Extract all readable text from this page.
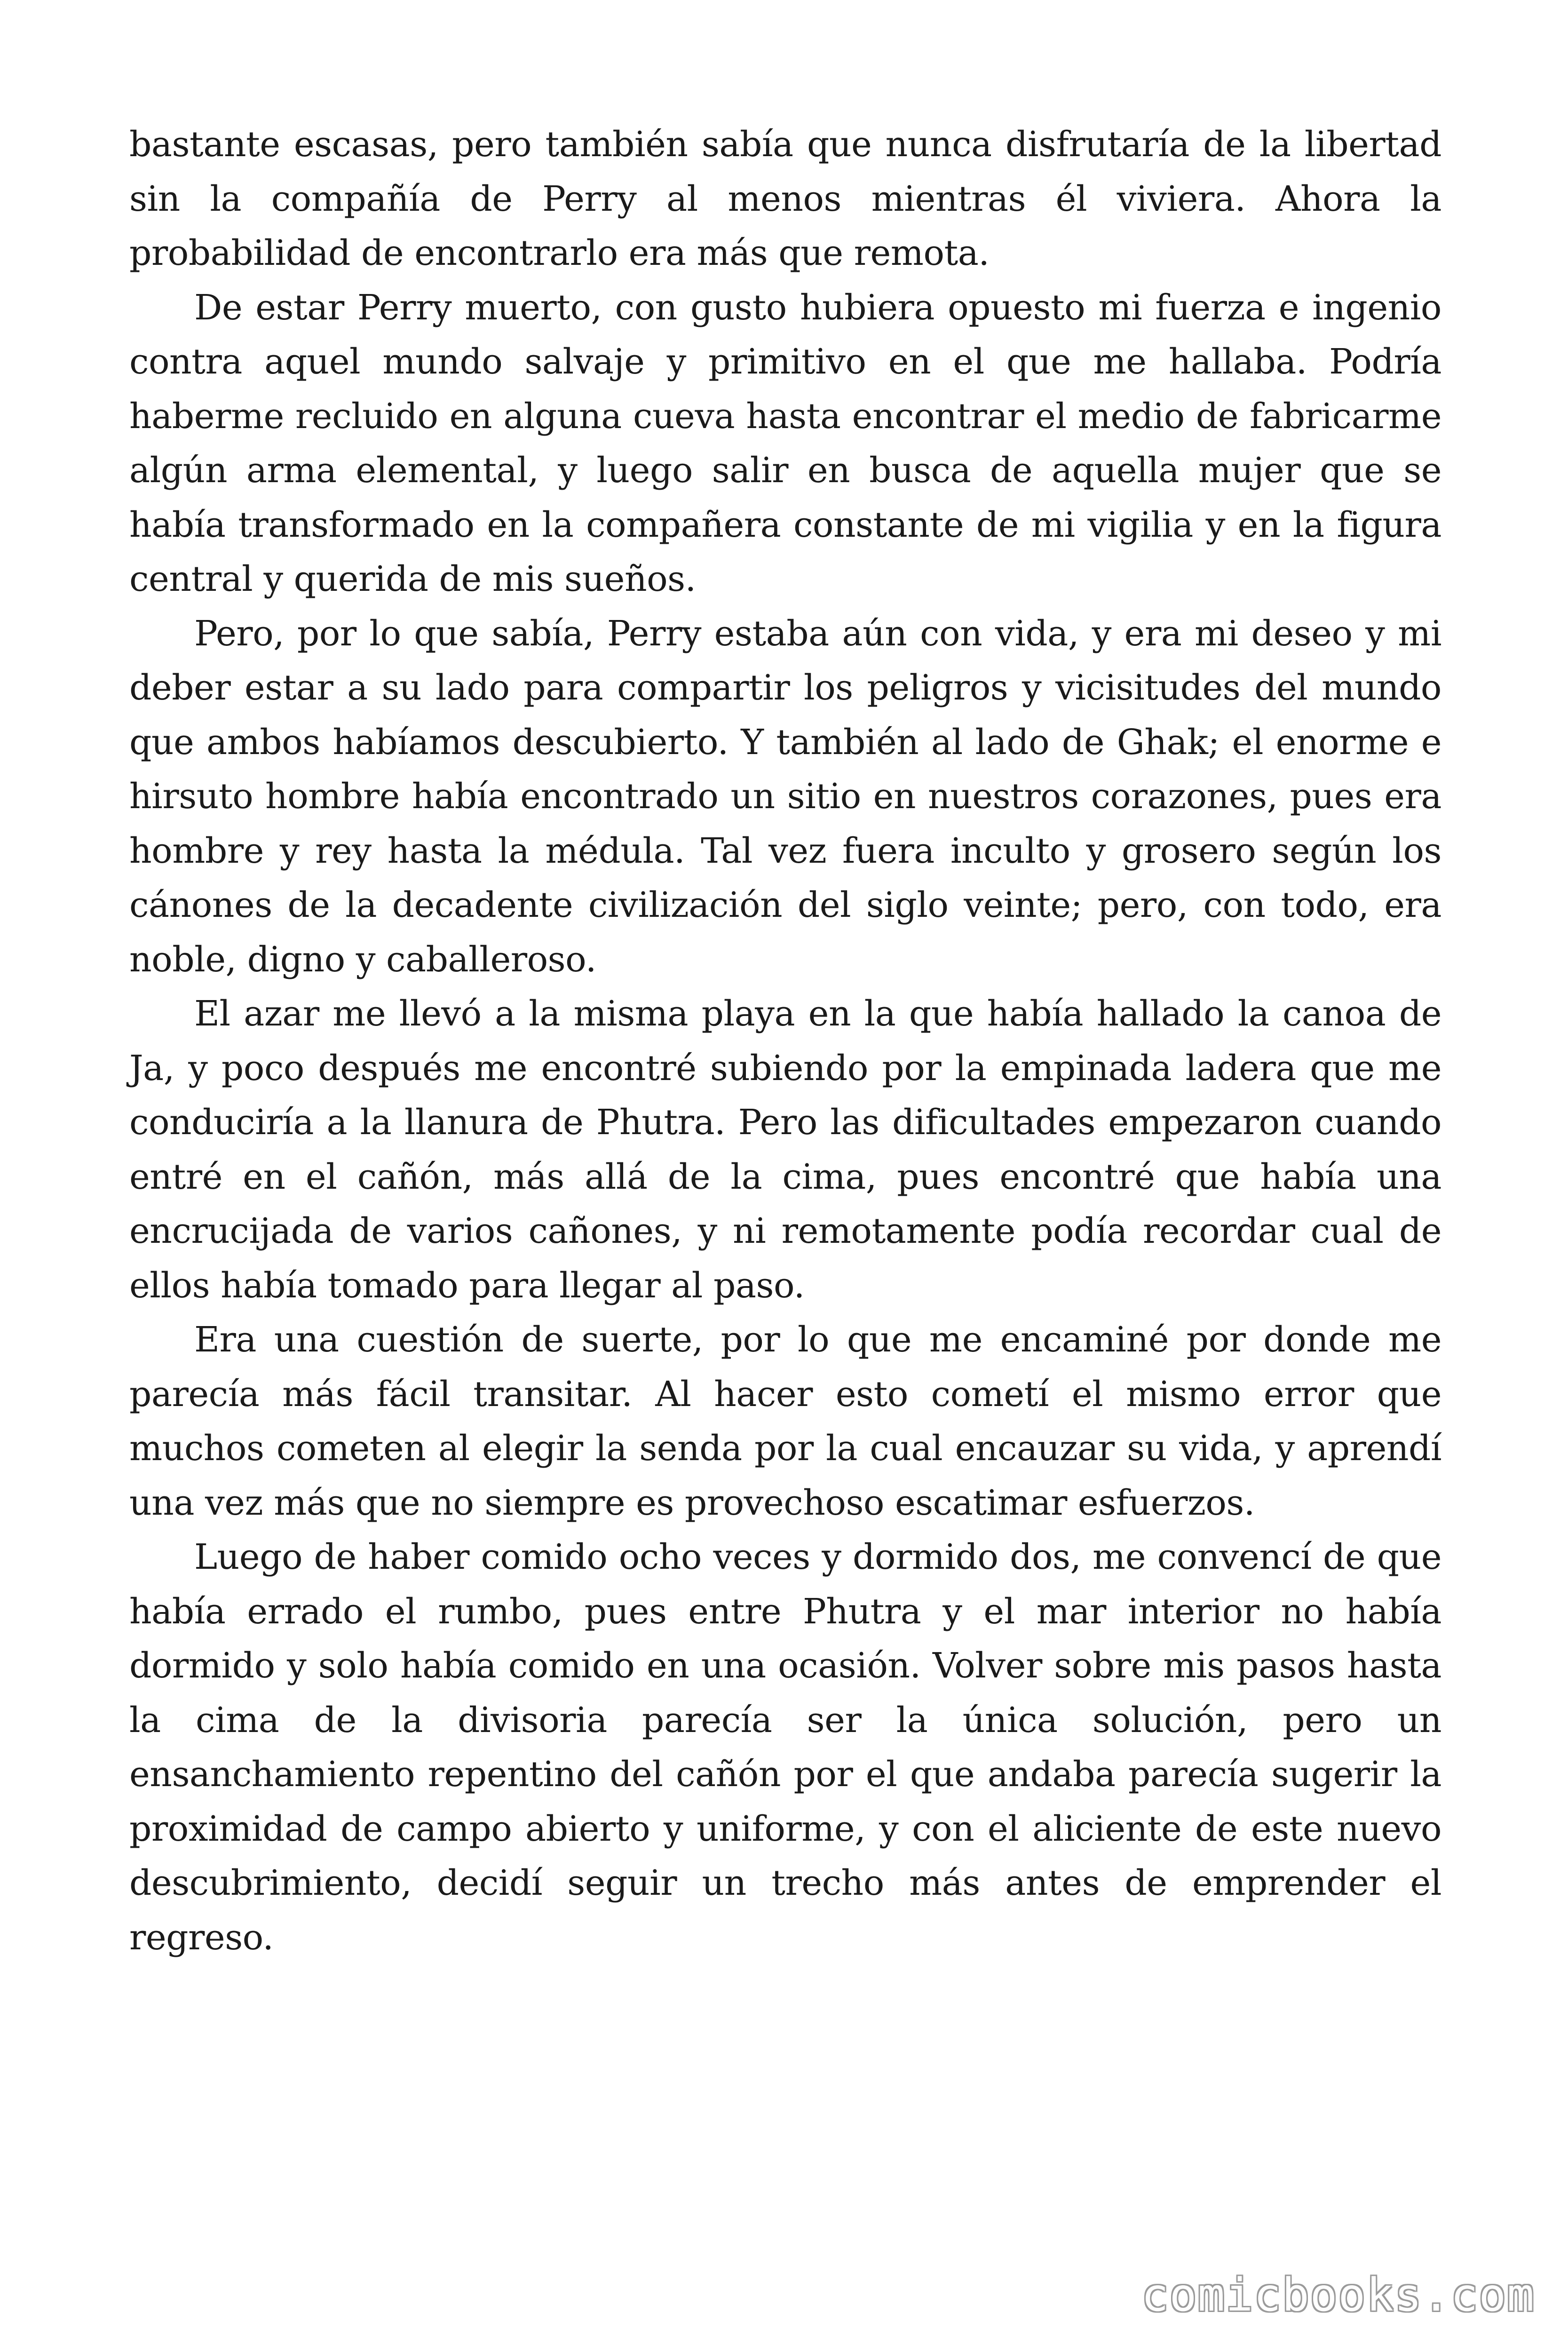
bastante escasas, pero también sabía que nunca disfrutaría de la libertad sin la compañía de Perry al menos mientras él viviera. Ahora la probabilidad de encontrarlo era más que remota.

De estar Perry muerto, con gusto hubiera opuesto mi fuerza e ingenio contra aquel mundo salvaje y primitivo en el que me hallaba. Podría haberme recluido en alguna cueva hasta encontrar el medio de fabricarme algún arma elemental, y luego salir en busca de aquella mujer que se había transformado en la compañera constante de mi vigilia y en la figura central y querida de mis sueños.

Pero, por lo que sabía, Perry estaba aún con vida, y era mi deseo y mi deber estar a su lado para compartir los peligros y vicisitudes del mundo que ambos habíamos descubierto. Y también al lado de Ghak; el enorme e hirsuto hombre había encontrado un sitio en nuestros corazones, pues era hombre y rey hasta la médula. Tal vez fuera inculto y grosero según los cánones de la decadente civilización del siglo veinte; pero, con todo, era noble, digno y caballeroso.

El azar me llevó a la misma playa en la que había hallado la canoa de Ja, y poco después me encontré subiendo por la empinada ladera que me conduciría a la llanura de Phutra. Pero las dificultades empezaron cuando entré en el cañón, más allá de la cima, pues encontré que había una encrucijada de varios cañones, y ni remotamente podía recordar cual de ellos había tomado para llegar al paso.

Era una cuestión de suerte, por lo que me encaminé por donde me parecía más fácil transitar. Al hacer esto cometí el mismo error que muchos cometen al elegir la senda por la cual encauzar su vida, y aprendí una vez más que no siempre es provechoso escatimar esfuerzos.

Luego de haber comido ocho veces y dormido dos, me convencí de que había errado el rumbo, pues entre Phutra y el mar interior no había dormido y solo había comido en una ocasión. Volver sobre mis pasos hasta la cima de la divisoria parecía ser la única solución, pero un ensanchamiento repentino del cañón por el que andaba parecía sugerir la proximidad de campo abierto y uniforme, y con el aliciente de este nuevo descubrimiento, decidí seguir un trecho más antes de emprender el regreso.

comicbooks.com
